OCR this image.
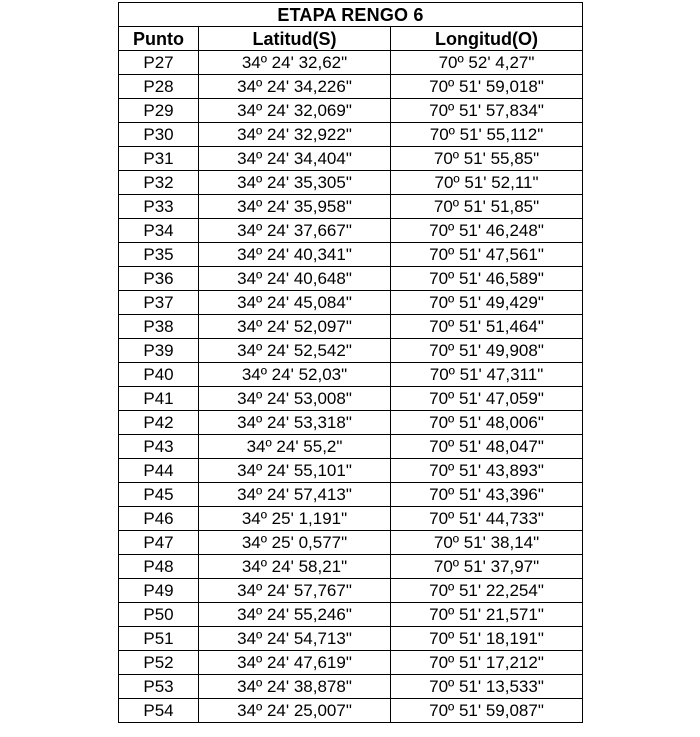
ETAPA RENGO 6		
Punto	Latitud(S)	Longitud(O)
P27	34º 24' 32,62"	70º 52' 4,27"
P28	34º 24' 34,226"	70º 51' 59,018"
P29	34º 24' 32,069"	70º 51' 57,834"
P30	34º 24' 32,922"	70º 51' 55,112"
P31	34º 24' 34,404"	70º 51' 55,85"
P32	34º 24' 35,305"	70º 51' 52,11"
P33	34º 24' 35,958"	70º 51' 51,85"
P34	34º 24' 37,667"	70º 51' 46,248"
P35	34º 24' 40,341"	70º 51' 47,561"
P36	34º 24' 40,648"	70º 51' 46,589"
P37	34º 24' 45,084"	70º 51' 49,429"
P38	34º 24' 52,097"	70º 51' 51,464"
P39	34º 24' 52,542"	70º 51' 49,908"
P40	34º 24' 52,03"	70º 51' 47,311"
P41	34º 24' 53,008"	70º 51' 47,059"
P42	34º 24' 53,318"	70º 51' 48,006"
P43	34º 24' 55,2"	70º 51' 48,047"
P44	34º 24' 55,101"	70º 51' 43,893"
P45	34º 24' 57,413"	70º 51' 43,396"
P46	34º 25' 1,191"	70º 51' 44,733"
P47	34º 25' 0,577"	70º 51' 38,14"
P48	34º 24' 58,21"	70º 51' 37,97"
P49	34º 24' 57,767"	70º 51' 22,254"
P50	34º 24' 55,246"	70º 51' 21,571"
P51	34º 24' 54,713"	70º 51' 18,191"
P52	34º 24' 47,619"	70º 51' 17,212"
P53	34º 24' 38,878"	70º 51' 13,533"
P54	34º 24' 25,007"	70º 51' 59,087"
